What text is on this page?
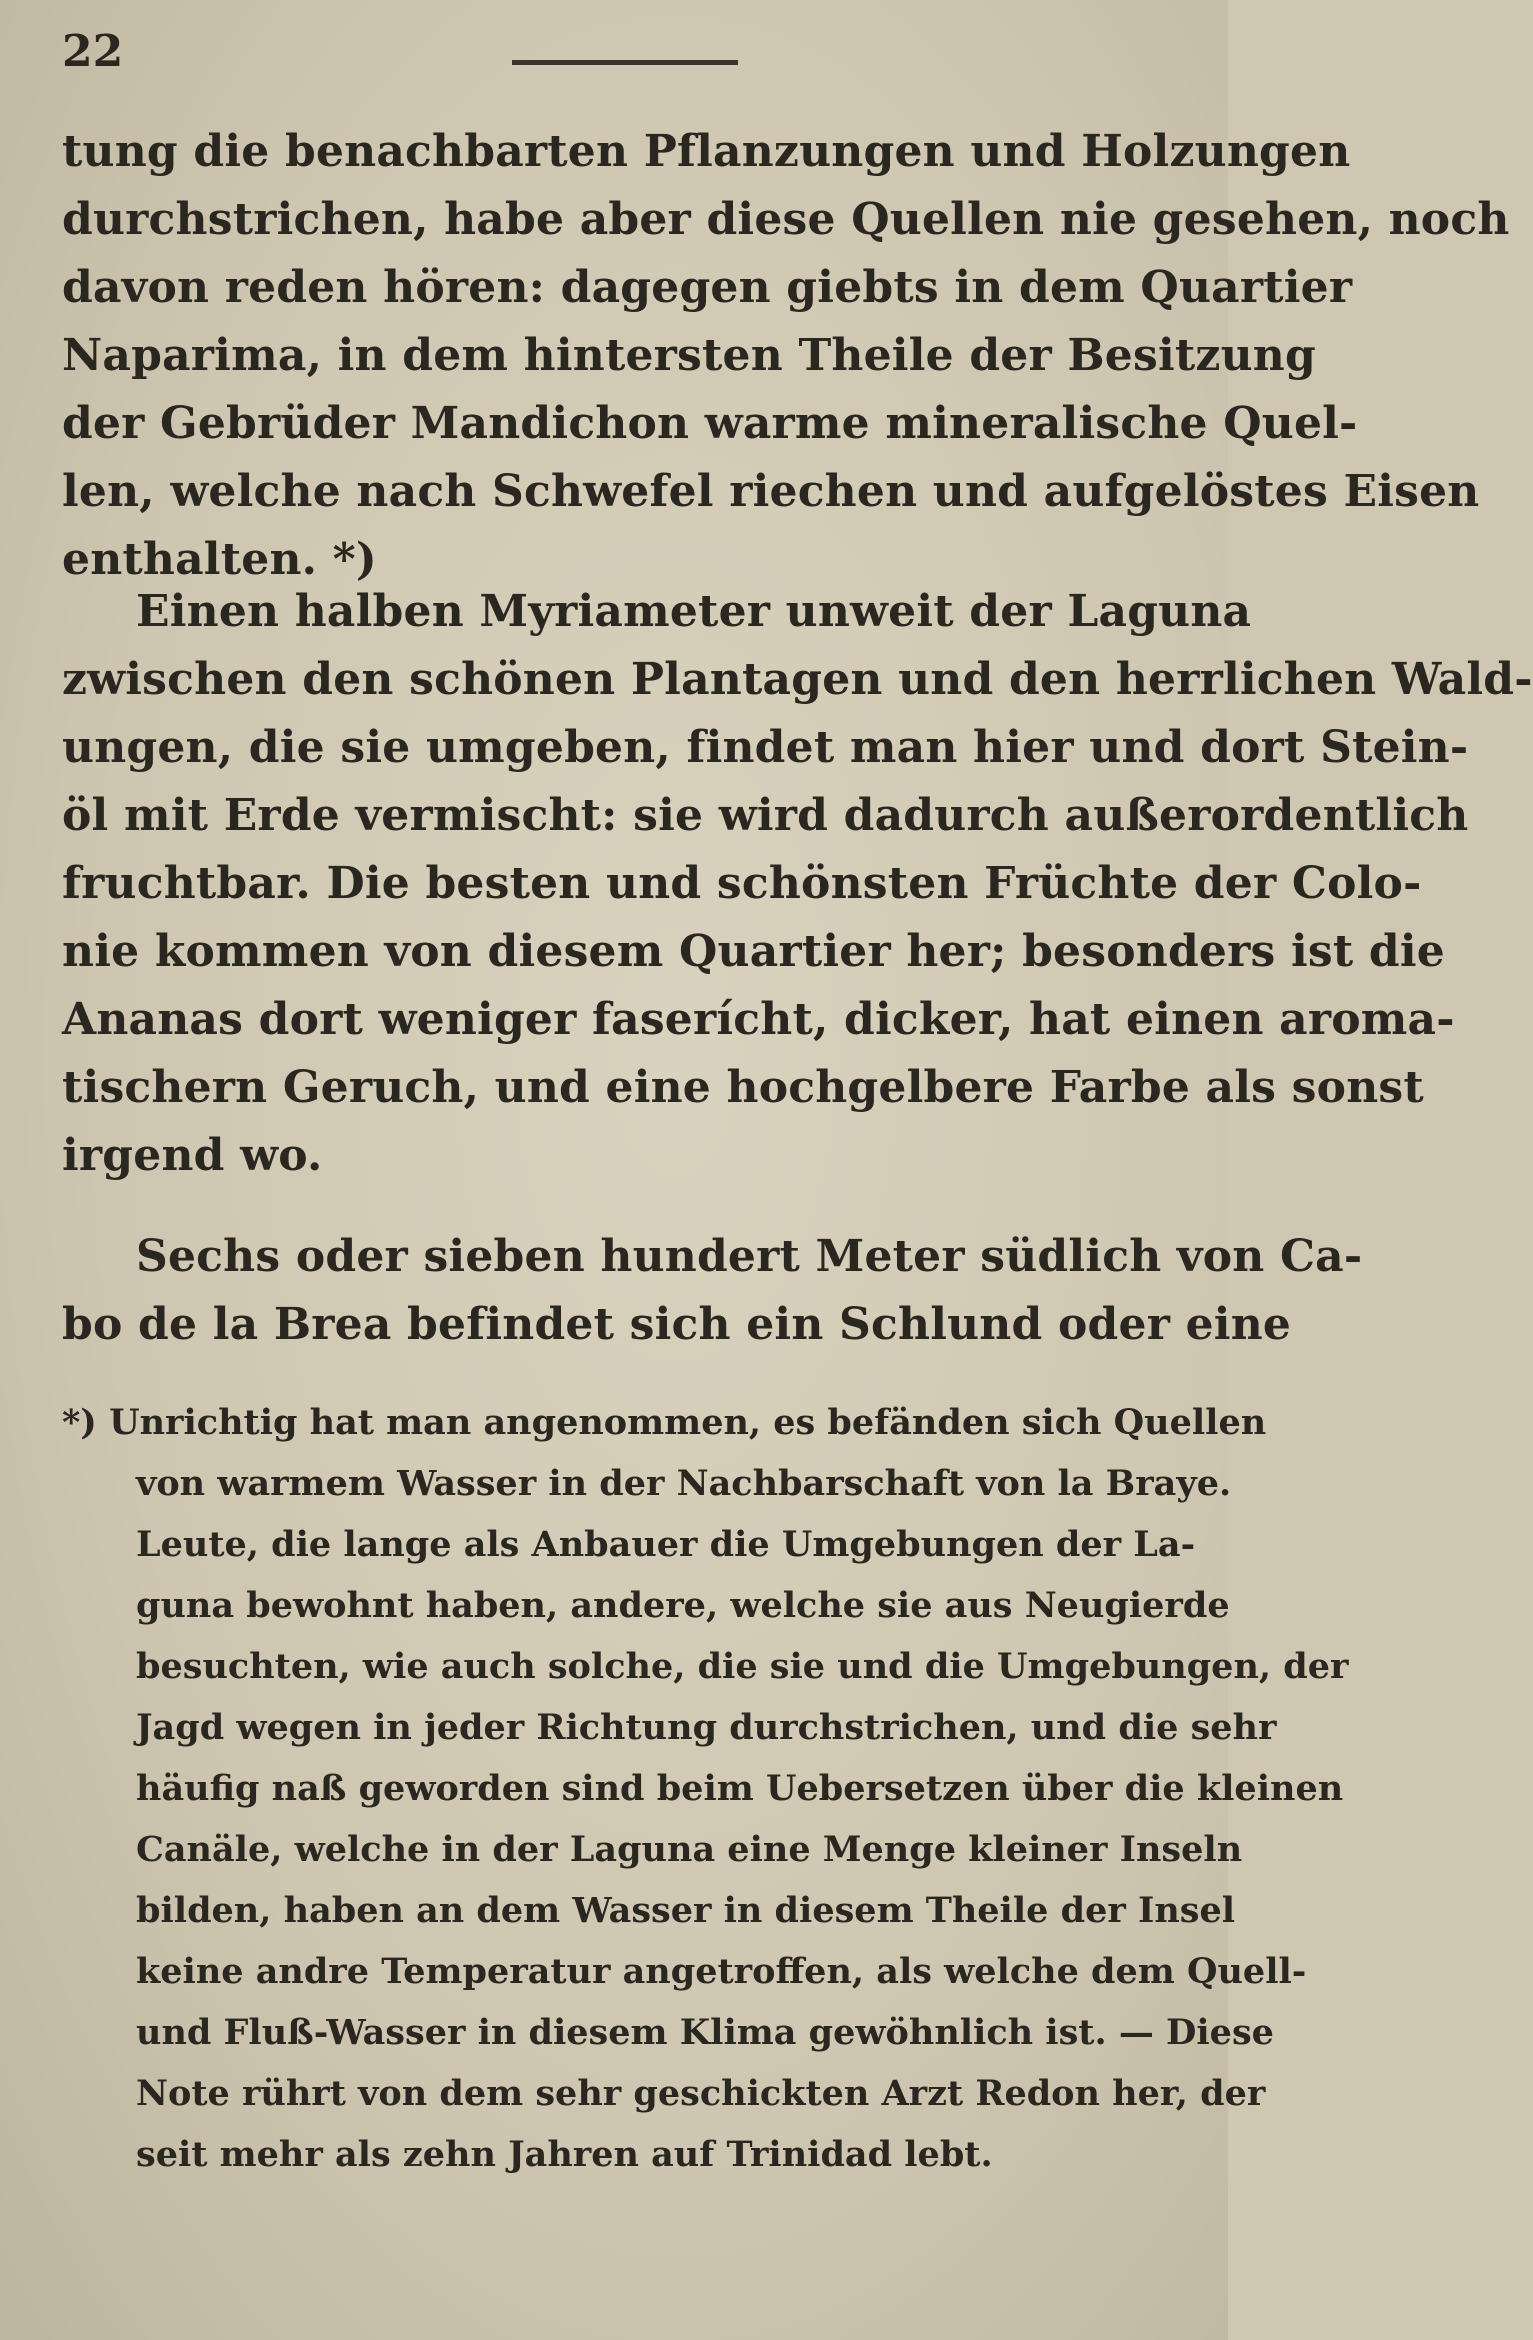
22
tung die benachbarten Pflanzungen und Holzungen
durchstrichen, habe aber diese Quellen nie gesehen, noch
davon reden hören: dagegen giebts in dem Quartier
Naparima, in dem hintersten Theile der Besitzung
der Gebrüder Mandichon warme mineralische Quel-
len, welche nach Schwefel riechen und aufgelöstes Eisen
enthalten. *)
Einen halben Myriameter unweit der Laguna
zwischen den schönen Plantagen und den herrlichen Wald-
ungen, die sie umgeben, findet man hier und dort Stein-
öl mit Erde vermischt: sie wird dadurch außerordentlich
fruchtbar. Die besten und schönsten Früchte der Colo-
nie kommen von diesem Quartier her; besonders ist die
Ananas dort weniger faserícht, dicker, hat einen aroma-
tischern Geruch, und eine hochgelbere Farbe als sonst
irgend wo.
Sechs oder sieben hundert Meter südlich von Ca-
bo de la Brea befindet sich ein Schlund oder eine
*) Unrichtig hat man angenommen, es befänden sich Quellen
von warmem Wasser in der Nachbarschaft von la Braye.
Leute, die lange als Anbauer die Umgebungen der La-
guna bewohnt haben, andere, welche sie aus Neugierde
besuchten, wie auch solche, die sie und die Umgebungen, der
Jagd wegen in jeder Richtung durchstrichen, und die sehr
häufig naß geworden sind beim Uebersetzen über die kleinen
Canäle, welche in der Laguna eine Menge kleiner Inseln
bilden, haben an dem Wasser in diesem Theile der Insel
keine andre Temperatur angetroffen, als welche dem Quell-
und Fluß-Wasser in diesem Klima gewöhnlich ist. — Diese
Note rührt von dem sehr geschickten Arzt Redon her, der
seit mehr als zehn Jahren auf Trinidad lebt.
